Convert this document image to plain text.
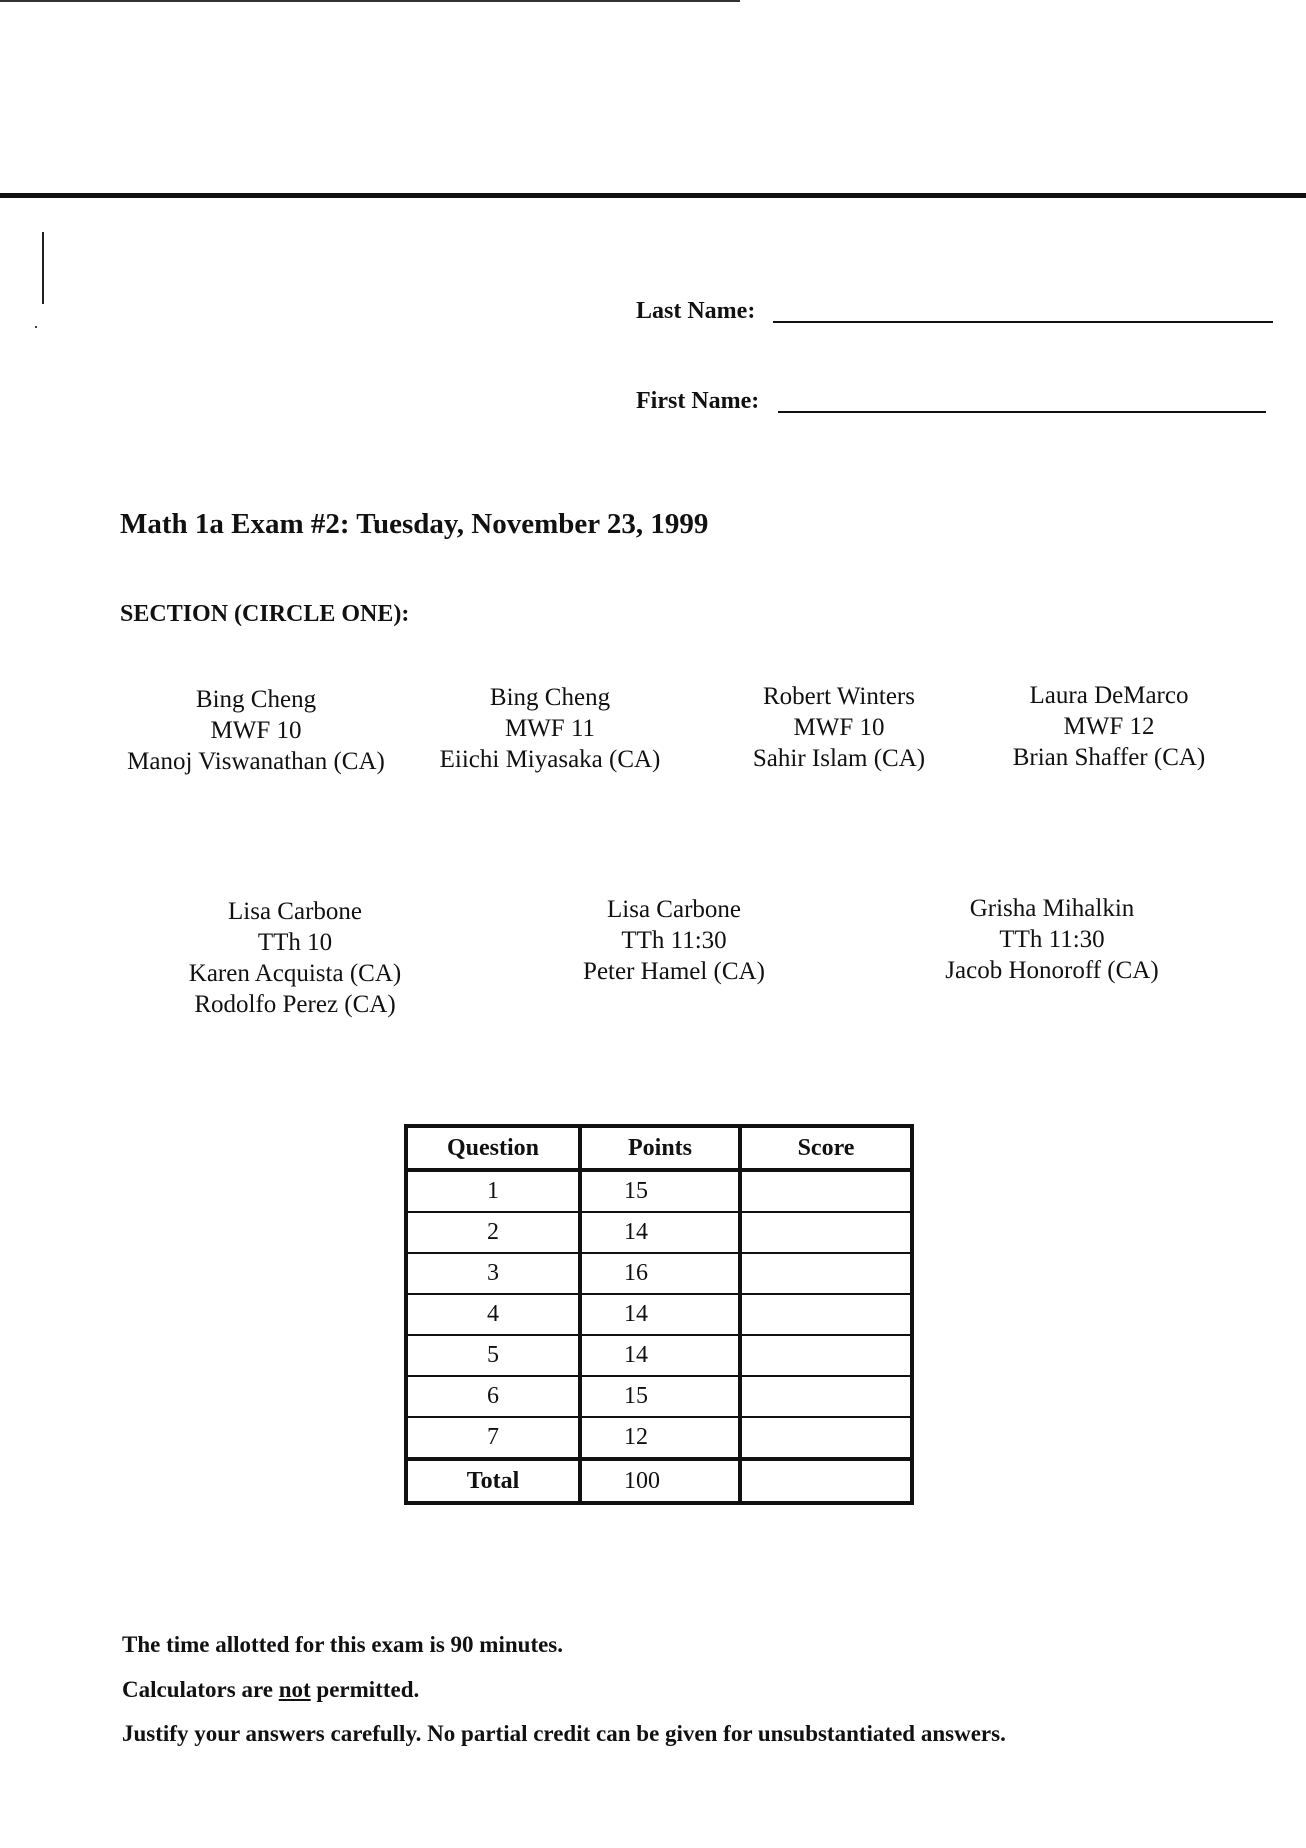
Last Name:
First Name:
Math 1a Exam #2: Tuesday, November 23, 1999
SECTION (CIRCLE ONE):
Bing Cheng
MWF 10
Manoj Viswanathan (CA)
Bing Cheng
MWF 11
Eiichi Miyasaka (CA)
Robert Winters
MWF 10
Sahir Islam (CA)
Laura DeMarco
MWF 12
Brian Shaffer (CA)
Lisa Carbone
TTh 10
Karen Acquista (CA)
Rodolfo Perez (CA)
Lisa Carbone
TTh 11:30
Peter Hamel (CA)
Grisha Mihalkin
TTh 11:30
Jacob Honoroff (CA)
Question	Points	Score
1	15	
2	14	
3	16	
4	14	
5	14	
6	15	
7	12	
Total	100	
The time allotted for this exam is 90 minutes.
Calculators are not permitted.
Justify your answers carefully. No partial credit can be given for unsubstantiated answers.
